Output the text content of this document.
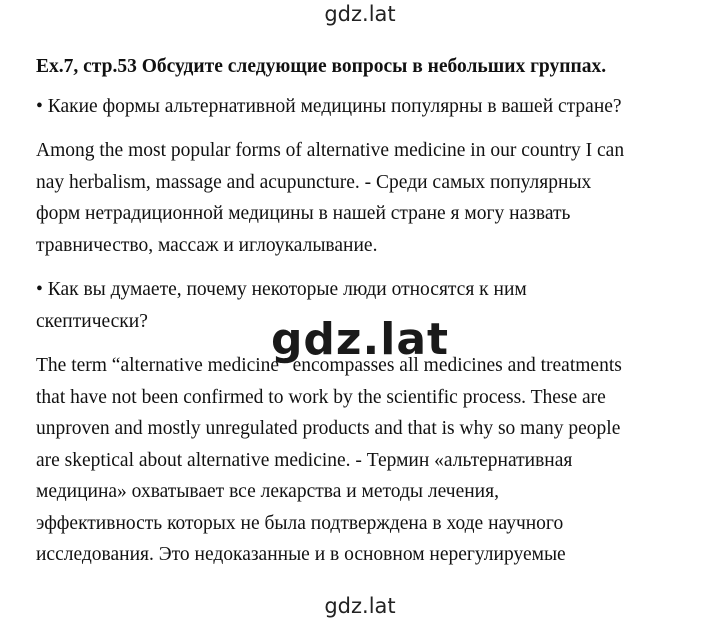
gdz.lat
Ex.7, стр.53 Обсудите следующие вопросы в небольших группах.
• Какие формы альтернативной медицины популярны в вашей стране?
Among the most popular forms of alternative medicine in our country I can
nay herbalism, massage and acupuncture. - Среди самых популярных
форм нетрадиционной медицины в нашей стране я могу назвать
травничество, массаж и иглоукалывание.
• Как вы думаете, почему некоторые люди относятся к ним
скептически?
The term “alternative medicine” encompasses all medicines and treatments
that have not been confirmed to work by the scientific process. These are
unproven and mostly unregulated products and that is why so many people
are skeptical about alternative medicine. - Термин «альтернативная
медицина» охватывает все лекарства и методы лечения,
эффективность которых не была подтверждена в ходе научного
исследования. Это недоказанные и в основном нерегулируемые
gdz.lat
gdz.lat
